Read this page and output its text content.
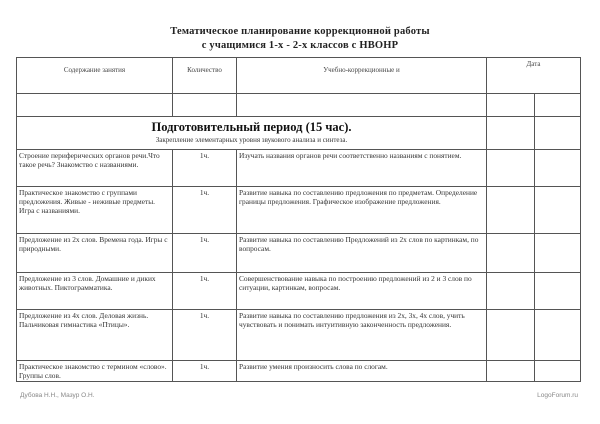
Тематическое планирование коррекционной работы
с учащимися 1-х - 2-х классов с НВОНР
Содержание занятия	Количество	Учебно-коррекционные и	Дата	

Подготовительный период (15 час).
Закрепление элементарных уровня звукового анализа и синтеза.				

Строение периферических органов речи.Что такое речь? Знакомство с названиями.	1ч.	Изучать названия органов речи соответственно названиям с понятием.		
Практическое знакомство с группами предложения. Живые - неживые предметы. Игра с названиями.	1ч.	Развитие навыка по составлению предложения по предметам. Определение границы предложения. Графическое изображение предложения.		
Предложение из 2х слов. Времена года. Игры с природными.	1ч.	Развитие навыка по составлению Предложений из 2х слов по картинкам, по вопросам.		
Предложение из 3 слов. Домашние и диких животных. Пиктограмматика.	1ч.	Совершенствование навыка по построению предложений из 2 и 3 слов по ситуации, картинкам, вопросам.		
Предложение из 4х слов. Деловая жизнь. Пальчиковая гимнастика «Птицы».	1ч.	Развитие навыка по составлению предложения из 2х, 3х, 4х слов, учить чувствовать и понимать интуитивную законченность предложения.		
Практическое знакомство с термином «слово». Группы слов.	1ч.	Развитие умения произносить слова по слогам.		
Дубова Н.Н., Мазур О.Н.	LogoForum.ru
